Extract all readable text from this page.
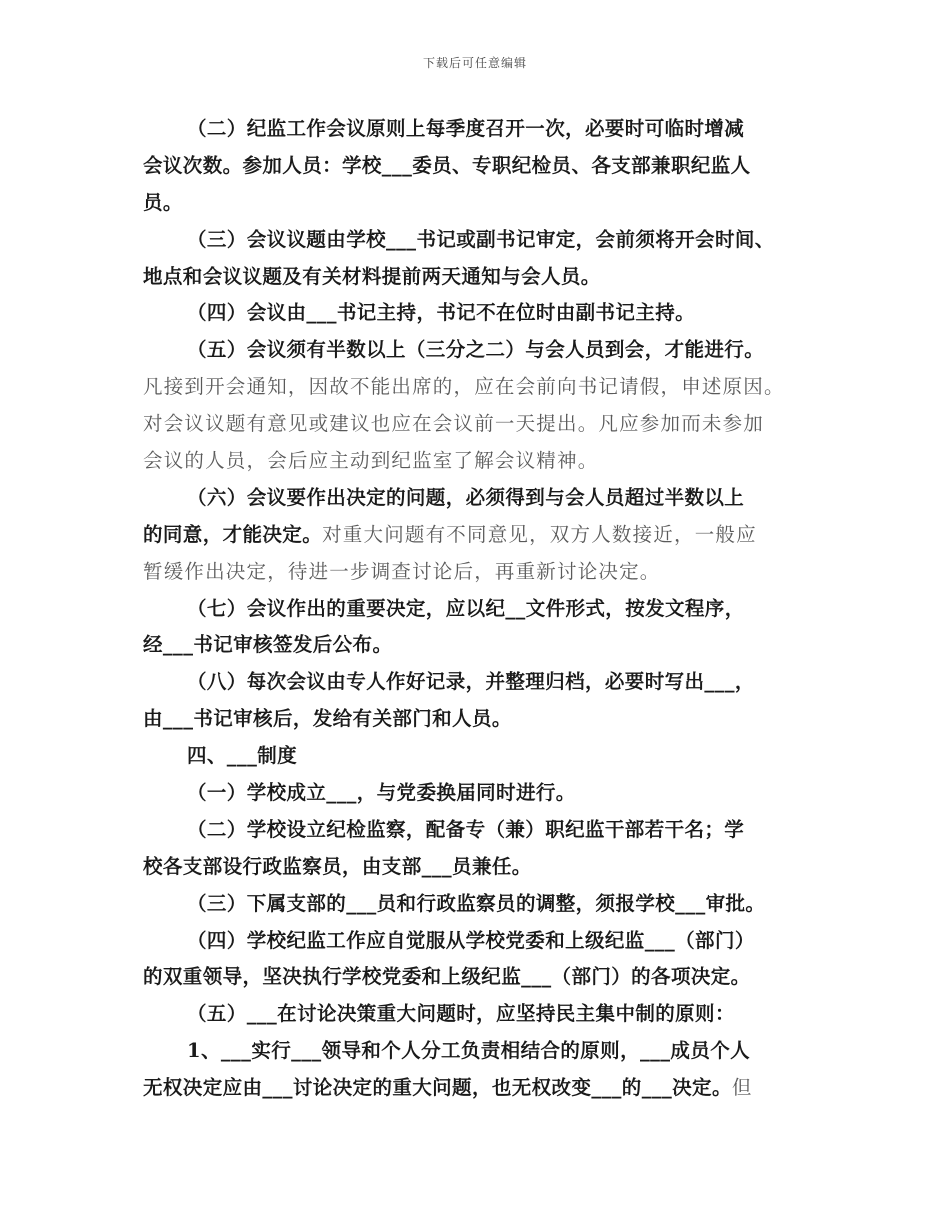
下载后可任意编辑
（二）纪监工作会议原则上每季度召开一次，必要时可临时增减
会议次数。参加人员：学校___委员、专职纪检员、各支部兼职纪监人
员。
（三）会议议题由学校___书记或副书记审定，会前须将开会时间、
地点和会议议题及有关材料提前两天通知与会人员。
（四）会议由___书记主持，书记不在位时由副书记主持。
（五）会议须有半数以上（三分之二）与会人员到会，才能进行。
凡接到开会通知，因故不能出席的，应在会前向书记请假，申述原因。
对会议议题有意见或建议也应在会议前一天提出。凡应参加而未参加
会议的人员，会后应主动到纪监室了解会议精神。
（六）会议要作出决定的问题，必须得到与会人员超过半数以上
的同意，才能决定。对重大问题有不同意见，双方人数接近，一般应
暂缓作出决定，待进一步调查讨论后，再重新讨论决定。
（七）会议作出的重要决定，应以纪__文件形式，按发文程序，
经___书记审核签发后公布。
（八）每次会议由专人作好记录，并整理归档，必要时写出___，
由___书记审核后，发给有关部门和人员。
四、___制度
（一）学校成立___，与党委换届同时进行。
（二）学校设立纪检监察，配备专（兼）职纪监干部若干名；学
校各支部设行政监察员，由支部___员兼任。
（三）下属支部的___员和行政监察员的调整，须报学校___审批。
（四）学校纪监工作应自觉服从学校党委和上级纪监___（部门）
的双重领导，坚决执行学校党委和上级纪监___（部门）的各项决定。
（五）___在讨论决策重大问题时，应坚持民主集中制的原则：
1、___实行___领导和个人分工负责相结合的原则，___成员个人
无权决定应由___讨论决定的重大问题，也无权改变___的___决定。但
